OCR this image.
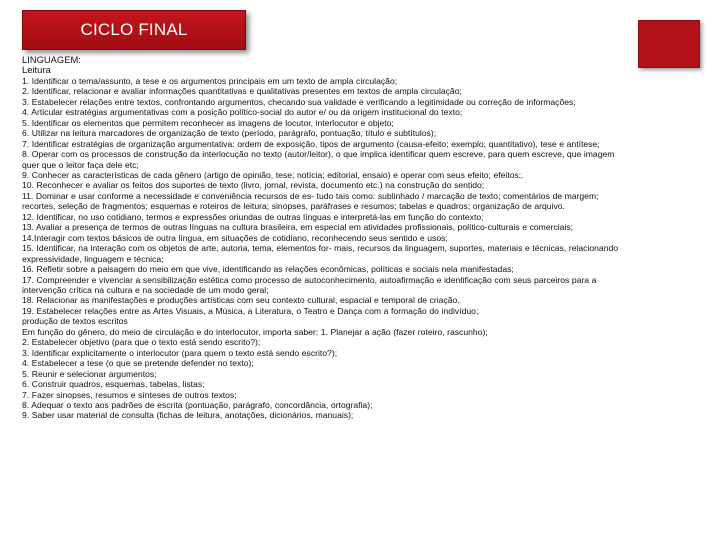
CICLO FINAL
LINGUAGEM:
Leitura
1. Identificar o tema/assunto, a tese e os argumentos principais em um texto de ampla circulação;
2. Identificar, relacionar e avaliar informações quantitativas e qualitativas presentes em textos de ampla circulação;
3. Estabelecer relações entre textos, confrontando argumentos, checando sua validade e verificando a legitimidade ou correção de informações;
4. Articular estratégias argumentativas com a posição político-social do autor e/ ou da origem institucional do texto;
5. Identificar os elementos que permitem reconhecer as imagens de locutor, interlocutor e objeto;
6. Utilizar na leitura marcadores de organização de texto (período, parágrafo, pontuação, título e subtítulos);
7. Identificar estratégias de organização argumentativa: ordem de exposição, tipos de argumento (causa-efeito; exemplo; quantitativo), tese e antítese;
8. Operar com os processos de construção da interlocução no texto (autor/leitor), o que implica identificar quem escreve, para quem escreve, que imagem
quer que o leitor faça dele etc;
9. Conhecer as características de cada gênero (artigo de opinião, tese; notícia; editorial, ensaio) e operar com seus efeito; efeitos;.
10. Reconhecer e avaliar os feitos dos suportes de texto (livro, jornal, revista, documento etc.) na construção do sentido;
11. Dominar e usar conforme a necessidade e conveniência recursos de es- tudo tais como: sublinhado / marcação de texto; comentários de margem;
recortes, seleção de fragmentos; esquemas e roteiros de leitura; sinopses, paráfrases e resumos; tabelas e quadros; organização de arquivo.
12. Identificar, no uso cotidiano, termos e expressões oriundas de outras línguas e interpretá-las em função do contexto;
13. Avaliar a presença de termos de outras línguas na cultura brasileira, em especial em atividades profissionais, político-culturais e comerciais;
14.Interagir com textos básicos de outra língua, em situações de cotidiano, reconhecendo seus sentido e usos;
15. Identificar, na interação com os objetos de arte, autoria, tema, elementos for- mais, recursos da linguagem, suportes, materiais e técnicas, relacionando
expressividade, linguagem e técnica;
16. Refletir sobre a paisagem do meio em que vive, identificando as relações econômicas, políticas e sociais nela manifestadas;
17. Compreender e vivenciar a sensibilização estética como processo de autoconhecimento, autoafirmação e identificação com seus parceiros para a
intervenção crítica na cultura e na sociedade de um modo geral;
18. Relacionar as manifestações e produções artísticas com seu contexto cultural, espacial e temporal de criação.
19. Estabelecer relações entre as Artes Visuais, a Música, a Literatura, o Teatro e Dança com a formação do indivíduo;
produção de textos escritos
Em função do gênero, do meio de circulação e do interlocutor, importa saber: 1. Planejar a ação (fazer roteiro, rascunho);
2. Estabelecer objetivo (para que o texto está sendo escrito?);
3. Identificar explicitamente o interlocutor (para quem o texto está sendo escrito?);
4. Estabelecer a tese (o que se pretende defender no texto);
5. Reunir e selecionar argumentos;
6. Construir quadros, esquemas, tabelas, listas;
7. Fazer sinopses, resumos e sínteses de outros textos;
8. Adequar o texto aos padrões de escrita (pontuação, parágrafo, concordância, ortografia);
9. Saber usar material de consulta (fichas de leitura, anotações, dicionários, manuais);
